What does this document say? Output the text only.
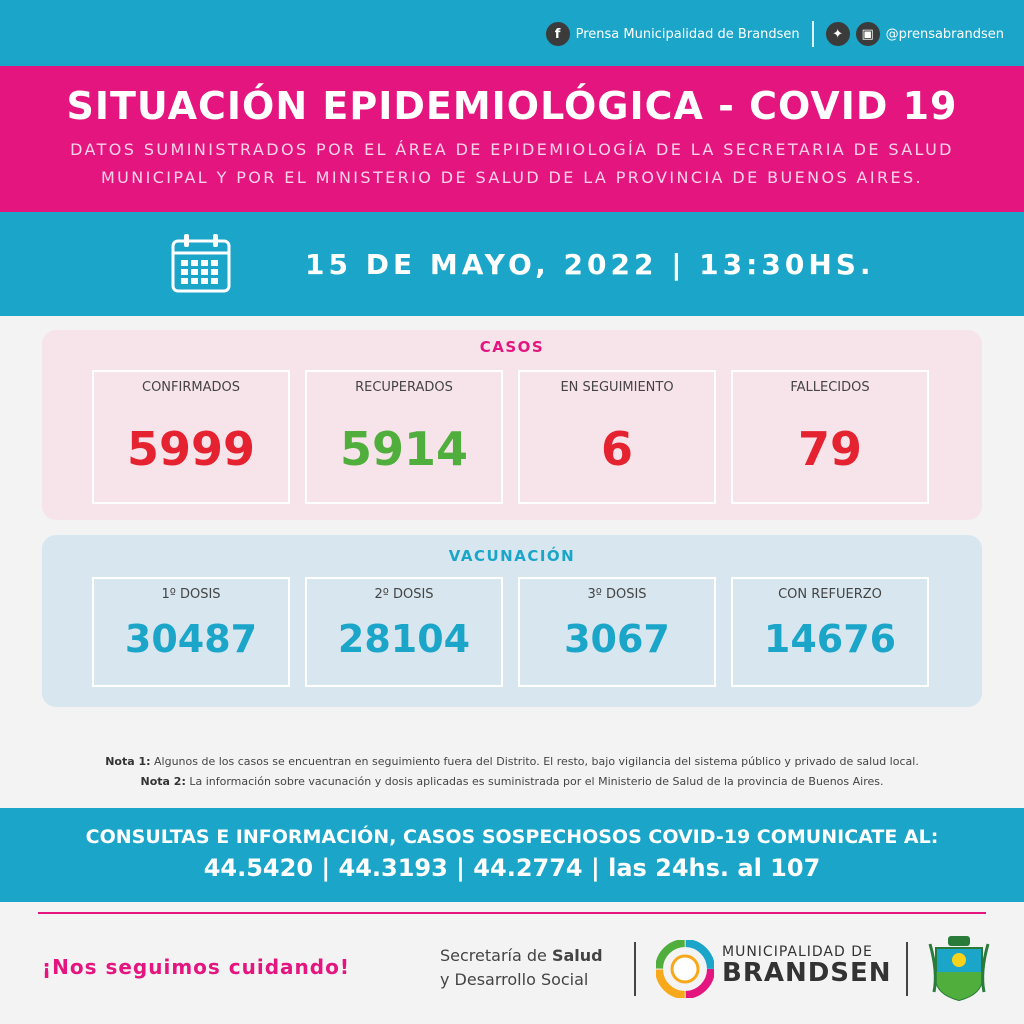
f	Prensa Municipalidad de Brandsen	✦	▣ @prensabrandsen
SITUACIÓN EPIDEMIOLÓGICA - COVID 19

DATOS SUMINISTRADOS POR EL ÁREA DE EPIDEMIOLOGÍA DE LA SECRETARIA DE SALUD

MUNICIPAL Y POR EL MINISTERIO DE SALUD DE LA PROVINCIA DE BUENOS AIRES.

15 DE MAYO, 2022 | 13:30HS.
CASOS
CONFIRMADOS
5999
RECUPERADOS
5914
EN SEGUIMIENTO
6
FALLECIDOS
79
VACUNACIÓN
1º DOSIS
30487
2º DOSIS
28104
3º DOSIS
3067
CON REFUERZO
14676
Nota 1: Algunos de los casos se encuentran en seguimiento fuera del Distrito. El resto, bajo vigilancia del sistema público y privado de salud local.
Nota 2: La información sobre vacunación y dosis aplicadas es suministrada por el Ministerio de Salud de la provincia de Buenos Aires.
CONSULTAS E INFORMACIÓN, CASOS SOSPECHOSOS COVID-19 COMUNICATE AL:
44.5420 | 44.3193 | 44.2774 | las 24hs. al 107
¡Nos seguimos cuidando!	Secretaría de Salud
y Desarrollo Social
MUNICIPALIDAD DE
BRANDSEN
